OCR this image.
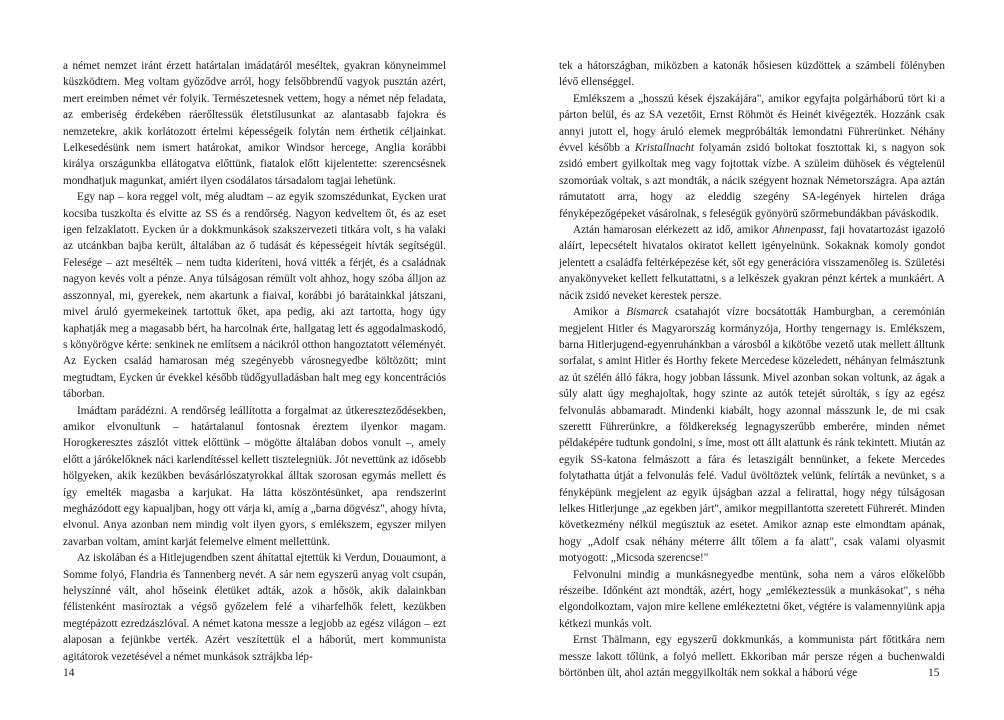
a német nemzet iránt érzett határtalan imádatáról meséltek, gyakran könyneimmel küszködtem. Meg voltam győződve arról, hogy felsőbbrendű vagyok pusztán azért, mert ereimben német vér folyik. Természetesnek vettem, hogy a német nép feladata, az emberiség érdekében ráerőltessük életstílusunkat az alantasabb fajokra és nemzetekre, akik korlátozott értelmi képességeik folytán nem érthetik céljainkat. Lelkesedésünk nem ismert határokat, amikor Windsor hercege, Anglia korábbi királya országunkba ellátogatva előttünk, fiatalok előtt kijelentette: szerencsésnek mondhatjuk magunkat, amiért ilyen csodálatos társadalom tagjai lehetünk.

Egy nap – kora reggel volt, még aludtam – az egyik szomszédunkat, Eycken urat kocsiba tuszkolta és elvitte az SS és a rendőrség. Nagyon kedveltem őt, és az eset igen felzaklatott. Eycken úr a dokkmunkások szakszervezeti titkára volt, s ha valaki az utcánkban bajba került, általában az ő tudását és képességeit hívták segítségül. Felesége – azt mesélték – nem tudta kideríteni, hová vitték a férjét, és a családnak nagyon kevés volt a pénze. Anya túlságosan rémült volt ahhoz, hogy szóba álljon az asszonnyal, mi, gyerekek, nem akartunk a fiaival, korábbi jó barátainkkal játszani, mivel áruló gyermekeinek tartottuk őket, apa pedig, aki azt tartotta, hogy úgy kaphatják meg a magasabb bért, ha harcolnak érte, hallgatag lett és aggodalmaskodó, s könyörögve kérte: senkinek ne említsem a nácikról otthon hangoztatott véleményét. Az Eycken család hamarosan még szegényebb városnegyedbe költözött; mint megtudtam, Eycken úr évekkel később tüdőgyulladásban halt meg egy koncentrációs táborban.

Imádtam parádézni. A rendőrség leállította a forgalmat az útkereszteződésekben, amikor elvonultunk – határtalanul fontosnak éreztem ilyenkor magam. Horogkeresztes zászlót vittek előttünk – mögötte általában dobos vonult –, amely előtt a járókelőknek náci karlendítéssel kellett tisztelegniük. Jót nevettünk az idősebb hölgyeken, akik kezükben bevásárlószatyrokkal álltak szorosan egymás mellett és így emelték magasba a karjukat. Ha látta köszöntésünket, apa rendszerint megházódott egy kapualjban, hogy ott várja ki, amíg a „barna dögvész", ahogy hívta, elvonul. Anya azonban nem mindig volt ilyen gyors, s emlékszem, egyszer milyen zavarban voltam, amint karját felemelve elment mellettünk.

Az iskolában és a Hitlejugendben szent áhítattal ejtettük ki Verdun, Douaumont, a Somme folyó, Flandria és Tannenberg nevét. A sár nem egyszerű anyag volt csupán, helyszínné vált, ahol hőseink életüket adták, azok a hősök, akik dalainkban félistenként masíroztak a végső győzelem felé a viharfelhők felett, kezükben megtépázott ezredzászlóval. A német katona messze a legjobb az egész világon – ezt alaposan a fejünkbe verték. Azért veszítettük el a háborút, mert kommunista agitátorok vezetésével a német munkások sztrájkba lép-

14

tek a hátországban, miközben a katonák hősiesen küzdöttek a számbeli fölényben lévő ellenséggel.

Emlékszem a „hosszú kések éjszakájára", amikor egyfajta polgárháború tört ki a párton belül, és az SA vezetőit, Ernst Röhmöt és Heinét kivégezték. Hozzánk csak annyi jutott el, hogy áruló elemek megpróbálták lemondatni Führerünket. Néhány évvel később a Kristallnacht folyamán zsidó boltokat fosztottak ki, s nagyon sok zsidó embert gyilkoltak meg vagy fojtottak vízbe. A szüleim dühösek és végtelenül szomorúak voltak, s azt mondták, a nácik szégyent hoznak Németországra. Apa aztán rámutatott arra, hogy az eleddig szegény SA-legények hirtelen drága fényképezőgépeket vásárolnak, s feleségük gyönyörű szőrmebundákban páváskodik.

Aztán hamarosan elérkezett az idő, amikor Ahnenpasst, faji hovatartozást igazoló aláírt, lepecsételt hivatalos okiratot kellett igényelnünk. Sokaknak komoly gondot jelentett a családfa feltérképezése két, sőt egy generációra visszamenőleg is. Születési anyakönyveket kellett felkutattatni, s a lelkészek gyakran pénzt kértek a munkáért. A nácik zsidó neveket kerestek persze.

Amikor a Bismarck csatahajót vízre bocsátották Hamburgban, a ceremónián megjelent Hitler és Magyarország kormányzója, Horthy tengernagy is. Emlékszem, barna Hitlerjugend-egyenruhánkban a városból a kikötőbe vezető utak mellett álltunk sorfalat, s amint Hitler és Horthy fekete Mercedese közeledett, néhányan felmásztunk az út szélén álló fákra, hogy jobban lássunk. Mivel azonban sokan voltunk, az ágak a súly alatt úgy meghajoltak, hogy szinte az autók tetejét súrolták, s így az egész felvonulás abbamaradt. Mindenki kiabált, hogy azonnal másszunk le, de mi csak szerettt Führerünkre, a földkerekség legnagyszerűbb emberére, minden német példaképére tudtunk gondolni, s íme, most ott állt alattunk és ránk tekintett. Miután az egyik SS-katona felmászott a fára és letaszigált bennünket, a fekete Mercedes folytathatta útját a felvonulás felé. Vadul üvöltöztek velünk, felírták a nevünket, s a fényképünk megjelent az egyik újságban azzal a felirattal, hogy négy túlságosan lelkes Hitlerjunge „az egekben járt", amikor megpillantotta szeretett Führerét. Minden következmény nélkül megúsztuk az esetet. Amikor aznap este elmondtam apának, hogy „Adolf csak néhány méterre állt tőlem a fa alatt", csak valami olyasmit motyogott: „Micsoda szerencse!"

Felvonulni mindig a munkásnegyedbe mentünk, soha nem a város előkelőbb részeibe. Időnként azt mondták, azért, hogy „emlékeztessük a munkásokat", s néha elgondolkoztam, vajon mire kellene emlékeztetni őket, végtére is valamennyiünk apja kétkezi munkás volt.

Ernst Thälmann, egy egyszerű dokkmunkás, a kommunista párt főtitkára nem messze lakott tőlünk, a folyó mellett. Ekkoriban már persze régen a buchenwaldi börtönben ült, ahol aztán meggyilkolták nem sokkal a háború vége	15
